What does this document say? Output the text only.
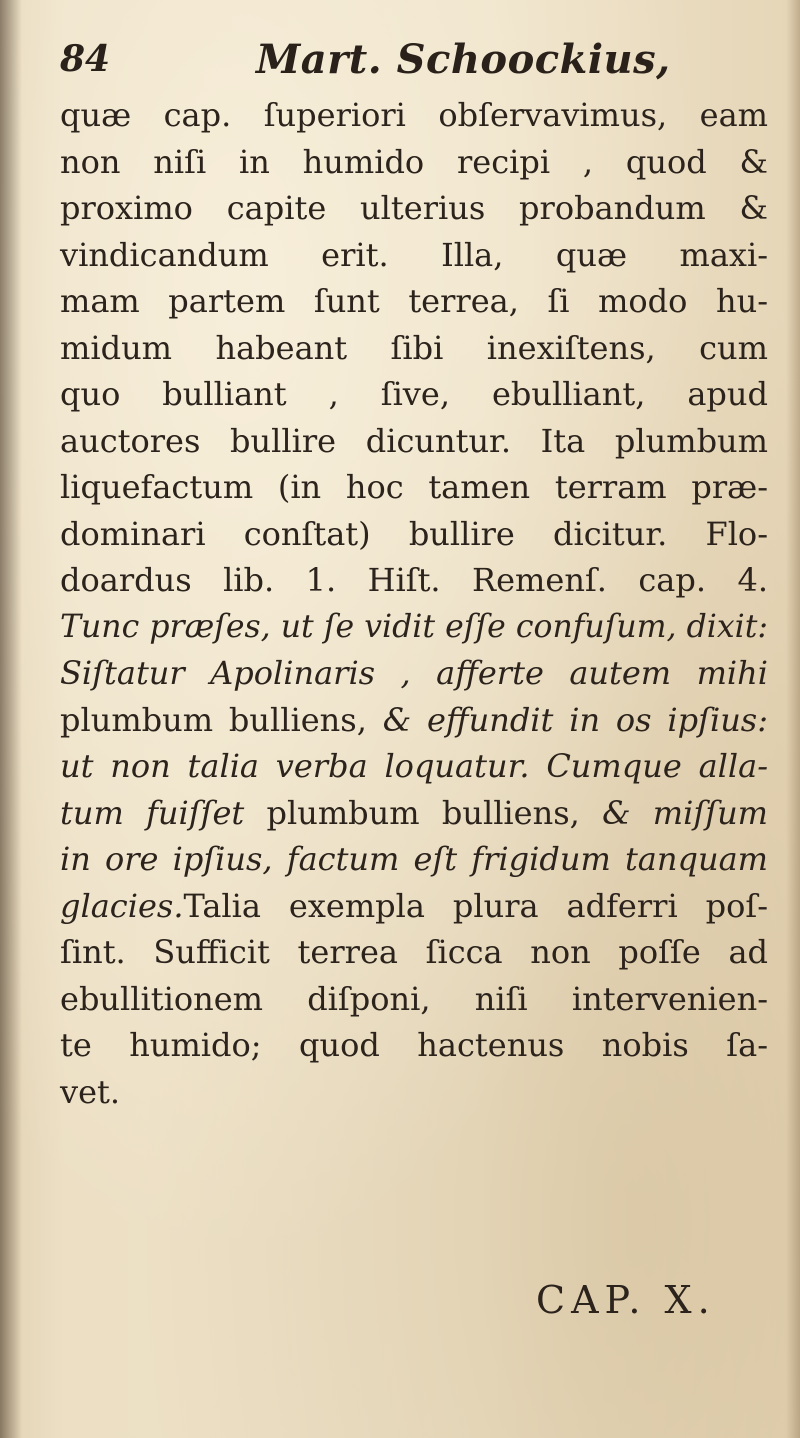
84	Mart. Schoockius,
quæ cap. ſuperiori obſervavimus, eam
non niſi in humido recipi , quod &
proximo capite ulterius probandum &
vindicandum erit. Illa, quæ maxi-
mam partem ſunt terrea, ſi modo hu-
midum habeant ſibi inexiſtens, cum
quo bulliant , ſive, ebulliant, apud
auctores bullire dicuntur. Ita plumbum
liquefactum (in hoc tamen terram præ-
dominari conſtat) bullire dicitur. Flo-
doardus lib. 1. Hiſt. Remenſ. cap. 4.
Tunc præſes, ut ſe vidit eſſe confuſum, dixit:
Siſtatur Apolinaris , afferte autem mihi
plumbum bulliens, & effundit in os ipſius:
ut non talia verba loquatur. Cumque alla-
tum fuiſſet plumbum bulliens, & miſſum
in ore ipſius, factum eſt frigidum tanquam
glacies.Talia exempla plura adferri poſ-
ſint. Sufficit terrea ſicca non poſſe ad
ebullitionem diſponi, niſi intervenien-
te humido; quod hactenus nobis ſa-
vet.
CAP. X.
